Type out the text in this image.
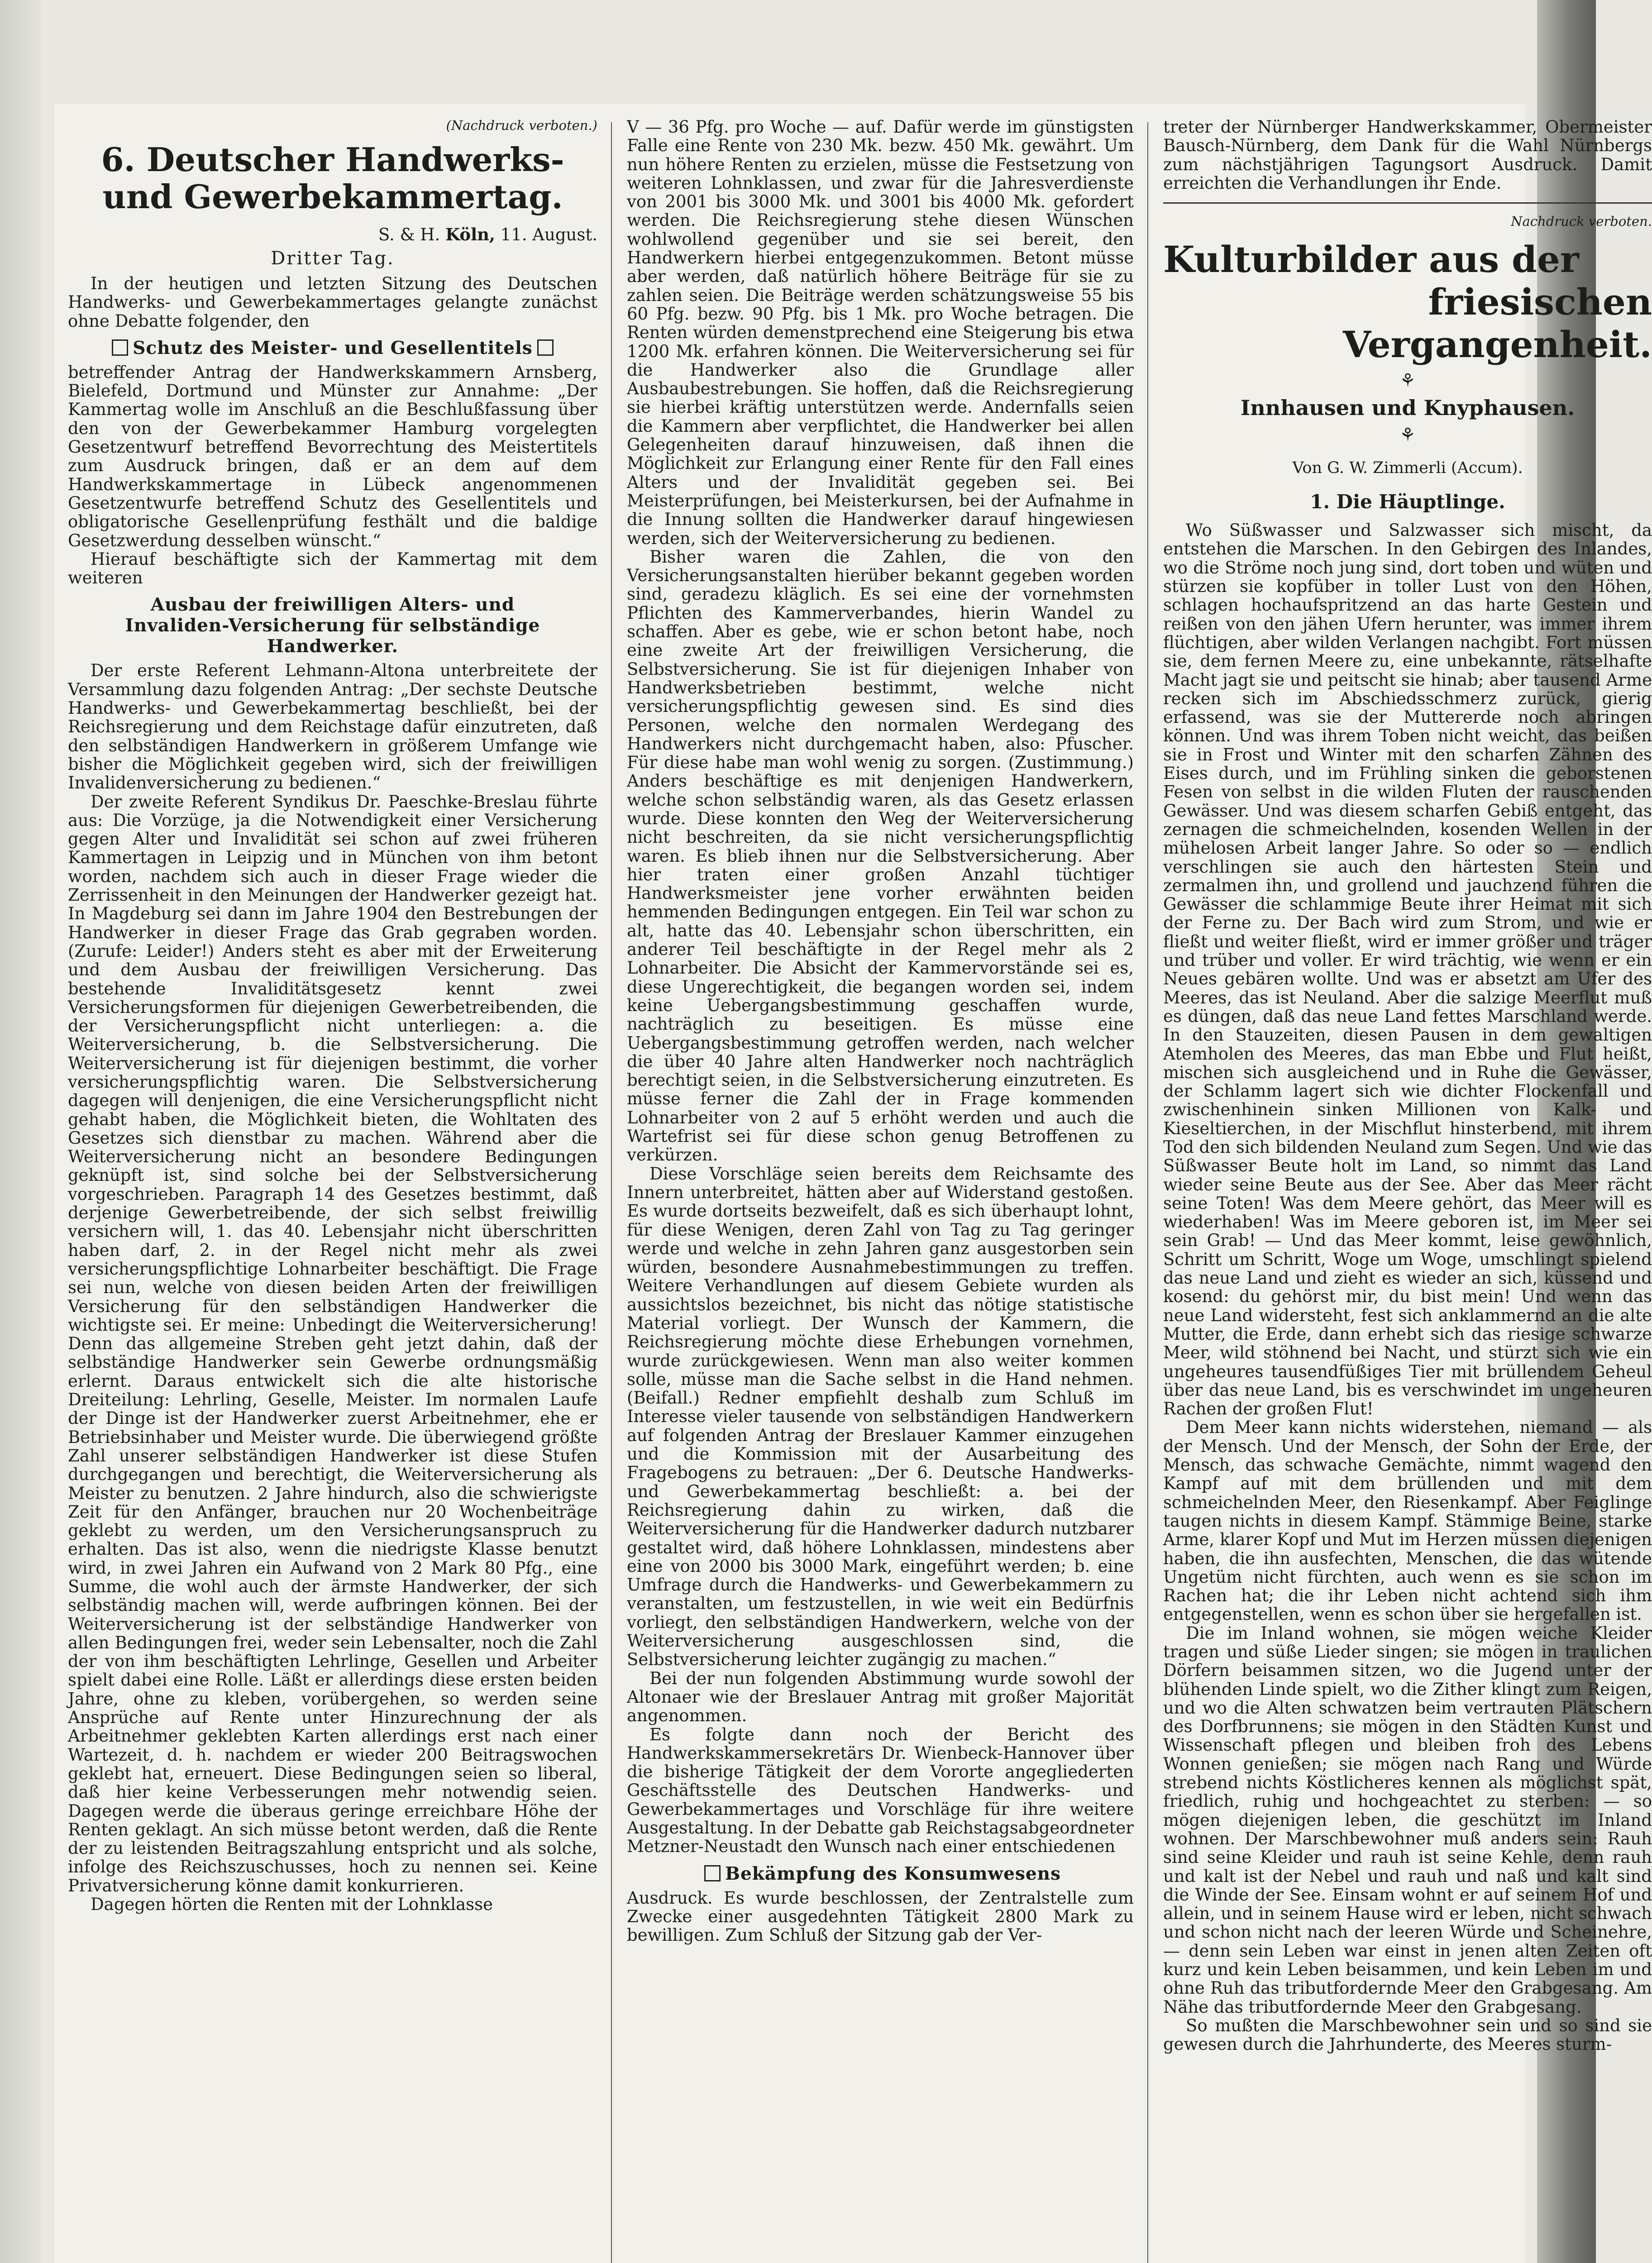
(Nachdruck verboten.)

6. Deutscher Handwerks-
und Gewerbekammertag.

S. & H. Köln, 11. August.

Dritter Tag.

In der heutigen und letzten Sitzung des Deutschen Handwerks- und Gewerbekammertages gelangte zunächst ohne Debatte folgender, den

Schutz des Meister- und Gesellentitels

betreffender Antrag der Handwerkskammern Arnsberg, Bielefeld, Dortmund und Münster zur Annahme: „Der Kammertag wolle im Anschluß an die Beschlußfassung über den von der Gewerbekammer Hamburg vorgelegten Gesetzentwurf betreffend Bevorrechtung des Meistertitels zum Ausdruck bringen, daß er an dem auf dem Handwerkskammertage in Lübeck angenommenen Gesetzentwurfe betreffend Schutz des Gesellentitels und obligatorische Gesellenprüfung festhält und die baldige Gesetzwerdung desselben wünscht.“

Hierauf beschäftigte sich der Kammertag mit dem weiteren

Ausbau der freiwilligen Alters- und
Invaliden-Versicherung für selbständige
Handwerker.

Der erste Referent Lehmann-Altona unterbreitete der Versammlung dazu folgenden Antrag: „Der sechste Deutsche Handwerks- und Gewerbekammertag beschließt, bei der Reichsregierung und dem Reichstage dafür einzutreten, daß den selbständigen Handwerkern in größerem Umfange wie bisher die Möglichkeit gegeben wird, sich der freiwilligen Invalidenversicherung zu bedienen.“

Der zweite Referent Syndikus Dr. Paeschke-Breslau führte aus: Die Vorzüge, ja die Notwendigkeit einer Versicherung gegen Alter und Invalidität sei schon auf zwei früheren Kammertagen in Leipzig und in München von ihm betont worden, nachdem sich auch in dieser Frage wieder die Zerrissenheit in den Meinungen der Handwerker gezeigt hat. In Magdeburg sei dann im Jahre 1904 den Bestrebungen der Handwerker in dieser Frage das Grab gegraben worden. (Zurufe: Leider!) Anders steht es aber mit der Erweiterung und dem Ausbau der freiwilligen Versicherung. Das bestehende Invaliditätsgesetz kennt zwei Versicherungsformen für diejenigen Gewerbetreibenden, die der Versicherungspflicht nicht unterliegen: a. die Weiterversicherung, b. die Selbstversicherung. Die Weiterversicherung ist für diejenigen bestimmt, die vorher versicherungspflichtig waren. Die Selbstversicherung dagegen will denjenigen, die eine Versicherungspflicht nicht gehabt haben, die Möglichkeit bieten, die Wohltaten des Gesetzes sich dienstbar zu machen. Während aber die Weiterversicherung nicht an besondere Bedingungen geknüpft ist, sind solche bei der Selbstversicherung vorgeschrieben. Paragraph 14 des Gesetzes bestimmt, daß derjenige Gewerbetreibende, der sich selbst freiwillig versichern will, 1. das 40. Lebensjahr nicht überschritten haben darf, 2. in der Regel nicht mehr als zwei versicherungspflichtige Lohnarbeiter beschäftigt. Die Frage sei nun, welche von diesen beiden Arten der freiwilligen Versicherung für den selbständigen Handwerker die wichtigste sei. Er meine: Unbedingt die Weiterversicherung! Denn das allgemeine Streben geht jetzt dahin, daß der selbständige Handwerker sein Gewerbe ordnungsmäßig erlernt. Daraus entwickelt sich die alte historische Dreiteilung: Lehrling, Geselle, Meister. Im normalen Laufe der Dinge ist der Handwerker zuerst Arbeitnehmer, ehe er Betriebsinhaber und Meister wurde. Die überwiegend größte Zahl unserer selbständigen Handwerker ist diese Stufen durchgegangen und berechtigt, die Weiterversicherung als Meister zu benutzen. 2 Jahre hindurch, also die schwierigste Zeit für den Anfänger, brauchen nur 20 Wochenbeiträge geklebt zu werden, um den Versicherungsanspruch zu erhalten. Das ist also, wenn die niedrigste Klasse benutzt wird, in zwei Jahren ein Aufwand von 2 Mark 80 Pfg., eine Summe, die wohl auch der ärmste Handwerker, der sich selbständig machen will, werde aufbringen können. Bei der Weiterversicherung ist der selbständige Handwerker von allen Bedingungen frei, weder sein Lebensalter, noch die Zahl der von ihm beschäftigten Lehrlinge, Gesellen und Arbeiter spielt dabei eine Rolle. Läßt er allerdings diese ersten beiden Jahre, ohne zu kleben, vorübergehen, so werden seine Ansprüche auf Rente unter Hinzurechnung der als Arbeitnehmer geklebten Karten allerdings erst nach einer Wartezeit, d. h. nachdem er wieder 200 Beitragswochen geklebt hat, erneuert. Diese Bedingungen seien so liberal, daß hier keine Verbesserungen mehr notwendig seien. Dagegen werde die überaus geringe erreichbare Höhe der Renten geklagt. An sich müsse betont werden, daß die Rente der zu leistenden Beitragszahlung entspricht und als solche, infolge des Reichszuschusses, hoch zu nennen sei. Keine Privatversicherung könne damit konkurrieren.

Dagegen hörten die Renten mit der Lohnklasse

V — 36 Pfg. pro Woche — auf. Dafür werde im günstigsten Falle eine Rente von 230 Mk. bezw. 450 Mk. gewährt. Um nun höhere Renten zu erzielen, müsse die Festsetzung von weiteren Lohnklassen, und zwar für die Jahresverdienste von 2001 bis 3000 Mk. und 3001 bis 4000 Mk. gefordert werden. Die Reichsregierung stehe diesen Wünschen wohlwollend gegenüber und sie sei bereit, den Handwerkern hierbei entgegenzukommen. Betont müsse aber werden, daß natürlich höhere Beiträge für sie zu zahlen seien. Die Beiträge werden schätzungsweise 55 bis 60 Pfg. bezw. 90 Pfg. bis 1 Mk. pro Woche betragen. Die Renten würden demenstprechend eine Steigerung bis etwa 1200 Mk. erfahren können. Die Weiterversicherung sei für die Handwerker also die Grundlage aller Ausbaubestrebungen. Sie hoffen, daß die Reichsregierung sie hierbei kräftig unterstützen werde. Andernfalls seien die Kammern aber verpflichtet, die Handwerker bei allen Gelegenheiten darauf hinzuweisen, daß ihnen die Möglichkeit zur Erlangung einer Rente für den Fall eines Alters und der Invalidität gegeben sei. Bei Meisterprüfungen, bei Meisterkursen, bei der Aufnahme in die Innung sollten die Handwerker darauf hingewiesen werden, sich der Weiterversicherung zu bedienen.

Bisher waren die Zahlen, die von den Versicherungsanstalten hierüber bekannt gegeben worden sind, geradezu kläglich. Es sei eine der vornehmsten Pflichten des Kammerverbandes, hierin Wandel zu schaffen. Aber es gebe, wie er schon betont habe, noch eine zweite Art der freiwilligen Versicherung, die Selbstversicherung. Sie ist für diejenigen Inhaber von Handwerksbetrieben bestimmt, welche nicht versicherungspflichtig gewesen sind. Es sind dies Personen, welche den normalen Werdegang des Handwerkers nicht durchgemacht haben, also: Pfuscher. Für diese habe man wohl wenig zu sorgen. (Zustimmung.) Anders beschäftige es mit denjenigen Handwerkern, welche schon selbständig waren, als das Gesetz erlassen wurde. Diese konnten den Weg der Weiterversicherung nicht beschreiten, da sie nicht versicherungspflichtig waren. Es blieb ihnen nur die Selbstversicherung. Aber hier traten einer großen Anzahl tüchtiger Handwerksmeister jene vorher erwähnten beiden hemmenden Bedingungen entgegen. Ein Teil war schon zu alt, hatte das 40. Lebensjahr schon überschritten, ein anderer Teil beschäftigte in der Regel mehr als 2 Lohnarbeiter. Die Absicht der Kammervorstände sei es, diese Ungerechtigkeit, die begangen worden sei, indem keine Uebergangsbestimmung geschaffen wurde, nachträglich zu beseitigen. Es müsse eine Uebergangsbestimmung getroffen werden, nach welcher die über 40 Jahre alten Handwerker noch nachträglich berechtigt seien, in die Selbstversicherung einzutreten. Es müsse ferner die Zahl der in Frage kommenden Lohnarbeiter von 2 auf 5 erhöht werden und auch die Wartefrist sei für diese schon genug Betroffenen zu verkürzen.

Diese Vorschläge seien bereits dem Reichsamte des Innern unterbreitet, hätten aber auf Widerstand gestoßen. Es wurde dortseits bezweifelt, daß es sich überhaupt lohnt, für diese Wenigen, deren Zahl von Tag zu Tag geringer werde und welche in zehn Jahren ganz ausgestorben sein würden, besondere Ausnahmebestimmungen zu treffen. Weitere Verhandlungen auf diesem Gebiete wurden als aussichtslos bezeichnet, bis nicht das nötige statistische Material vorliegt. Der Wunsch der Kammern, die Reichsregierung möchte diese Erhebungen vornehmen, wurde zurückgewiesen. Wenn man also weiter kommen solle, müsse man die Sache selbst in die Hand nehmen. (Beifall.) Redner empfiehlt deshalb zum Schluß im Interesse vieler tausende von selbständigen Handwerkern auf folgenden Antrag der Breslauer Kammer einzugehen und die Kommission mit der Ausarbeitung des Fragebogens zu betrauen: „Der 6. Deutsche Handwerks- und Gewerbekammertag beschließt: a. bei der Reichsregierung dahin zu wirken, daß die Weiterversicherung für die Handwerker dadurch nutzbarer gestaltet wird, daß höhere Lohnklassen, mindestens aber eine von 2000 bis 3000 Mark, eingeführt werden; b. eine Umfrage durch die Handwerks- und Gewerbekammern zu veranstalten, um festzustellen, in wie weit ein Bedürfnis vorliegt, den selbständigen Handwerkern, welche von der Weiterversicherung ausgeschlossen sind, die Selbstversicherung leichter zugängig zu machen.“

Bei der nun folgenden Abstimmung wurde sowohl der Altonaer wie der Breslauer Antrag mit großer Majorität angenommen.

Es folgte dann noch der Bericht des Handwerkskammersekretärs Dr. Wienbeck-Hannover über die bisherige Tätigkeit der dem Vororte angegliederten Geschäftsstelle des Deutschen Handwerks- und Gewerbekammertages und Vorschläge für ihre weitere Ausgestaltung. In der Debatte gab Reichstagsabgeordneter Metzner-Neustadt den Wunsch nach einer entschiedenen

Bekämpfung des Konsumwesens

Ausdruck. Es wurde beschlossen, der Zentralstelle zum Zwecke einer ausgedehnten Tätigkeit 2800 Mark zu bewilligen. Zum Schluß der Sitzung gab der Ver-

treter der Nürnberger Handwerkskammer, Obermeister Bausch-Nürnberg, dem Dank für die Wahl Nürnbergs zum nächstjährigen Tagungsort Ausdruck. Damit erreichten die Verhandlungen ihr Ende.

Nachdruck verboten.

Kulturbilder aus der
friesischen Vergangenheit.
⚘
Innhausen und Knyphausen.
⚘
Von G. W. Zimmerli (Accum).
1. Die Häuptlinge.

Wo Süßwasser und Salzwasser sich mischt, da entstehen die Marschen. In den Gebirgen des Inlandes, wo die Ströme noch jung sind, dort toben und wüten und stürzen sie kopfüber in toller Lust von den Höhen, schlagen hochaufspritzend an das harte Gestein und reißen von den jähen Ufern herunter, was immer ihrem flüchtigen, aber wilden Verlangen nachgibt. Fort müssen sie, dem fernen Meere zu, eine unbekannte, rätselhafte Macht jagt sie und peitscht sie hinab; aber tausend Arme recken sich im Abschiedsschmerz zurück, gierig erfassend, was sie der Muttererde noch abringen können. Und was ihrem Toben nicht weicht, das beißen sie in Frost und Winter mit den scharfen Zähnen des Eises durch, und im Frühling sinken die geborstenen Fesen von selbst in die wilden Fluten der rauschenden Gewässer. Und was diesem scharfen Gebiß entgeht, das zernagen die schmeichelnden, kosenden Wellen in der mühelosen Arbeit langer Jahre. So oder so — endlich verschlingen sie auch den härtesten Stein und zermalmen ihn, und grollend und jauchzend führen die Gewässer die schlammige Beute ihrer Heimat mit sich der Ferne zu. Der Bach wird zum Strom, und wie er fließt und weiter fließt, wird er immer größer und träger und trüber und voller. Er wird trächtig, wie wenn er ein Neues gebären wollte. Und was er absetzt am Ufer des Meeres, das ist Neuland. Aber die salzige Meerflut muß es düngen, daß das neue Land fettes Marschland werde. In den Stauzeiten, diesen Pausen in dem gewaltigen Atemholen des Meeres, das man Ebbe und Flut heißt, mischen sich ausgleichend und in Ruhe die Gewässer, der Schlamm lagert sich wie dichter Flockenfall und zwischenhinein sinken Millionen von Kalk- und Kieseltierchen, in der Mischflut hinsterbend, mit ihrem Tod den sich bildenden Neuland zum Segen. Und wie das Süßwasser Beute holt im Land, so nimmt das Land wieder seine Beute aus der See. Aber das Meer rächt seine Toten! Was dem Meere gehört, das Meer will es wiederhaben! Was im Meere geboren ist, im Meer sei sein Grab! — Und das Meer kommt, leise gewöhnlich, Schritt um Schritt, Woge um Woge, umschlingt spielend das neue Land und zieht es wieder an sich, küssend und kosend: du gehörst mir, du bist mein! Und wenn das neue Land widersteht, fest sich anklammernd an die alte Mutter, die Erde, dann erhebt sich das riesige schwarze Meer, wild stöhnend bei Nacht, und stürzt sich wie ein ungeheures tausendfüßiges Tier mit brüllendem Geheul über das neue Land, bis es verschwindet im ungeheuren Rachen der großen Flut!

Dem Meer kann nichts widerstehen, niemand — als der Mensch. Und der Mensch, der Sohn der Erde, der Mensch, das schwache Gemächte, nimmt wagend den Kampf auf mit dem brüllenden und mit dem schmeichelnden Meer, den Riesenkampf. Aber Feiglinge taugen nichts in diesem Kampf. Stämmige Beine, starke Arme, klarer Kopf und Mut im Herzen müssen diejenigen haben, die ihn ausfechten, Menschen, die das wütende Ungetüm nicht fürchten, auch wenn es sie schon im Rachen hat; die ihr Leben nicht achtend sich ihm entgegenstellen, wenn es schon über sie hergefallen ist.

Die im Inland wohnen, sie mögen weiche Kleider tragen und süße Lieder singen; sie mögen in traulichen Dörfern beisammen sitzen, wo die Jugend unter der blühenden Linde spielt, wo die Zither klingt zum Reigen, und wo die Alten schwatzen beim vertrauten Plätschern des Dorfbrunnens; sie mögen in den Städten Kunst und Wissenschaft pflegen und bleiben froh des Lebens Wonnen genießen; sie mögen nach Rang und Würde strebend nichts Köstlicheres kennen als möglichst spät, friedlich, ruhig und hochgeachtet zu sterben: — so mögen diejenigen leben, die geschützt im Inland wohnen. Der Marschbewohner muß anders sein: Rauh sind seine Kleider und rauh ist seine Kehle, denn rauh und kalt ist der Nebel und rauh und naß und kalt sind die Winde der See. Einsam wohnt er auf seinem Hof und allein, und in seinem Hause wird er leben, nicht schwach und schon nicht nach der leeren Würde und Scheinehre, — denn sein Leben war einst in jenen alten Zeiten oft kurz und kein Leben beisammen, und kein Leben im und ohne Ruh das tributfordernde Meer den Grabgesang. Am Nähe das tributfordernde Meer den Grabgesang.

So mußten die Marschbewohner sein und so sind sie gewesen durch die Jahrhunderte, des Meeres sturm-
